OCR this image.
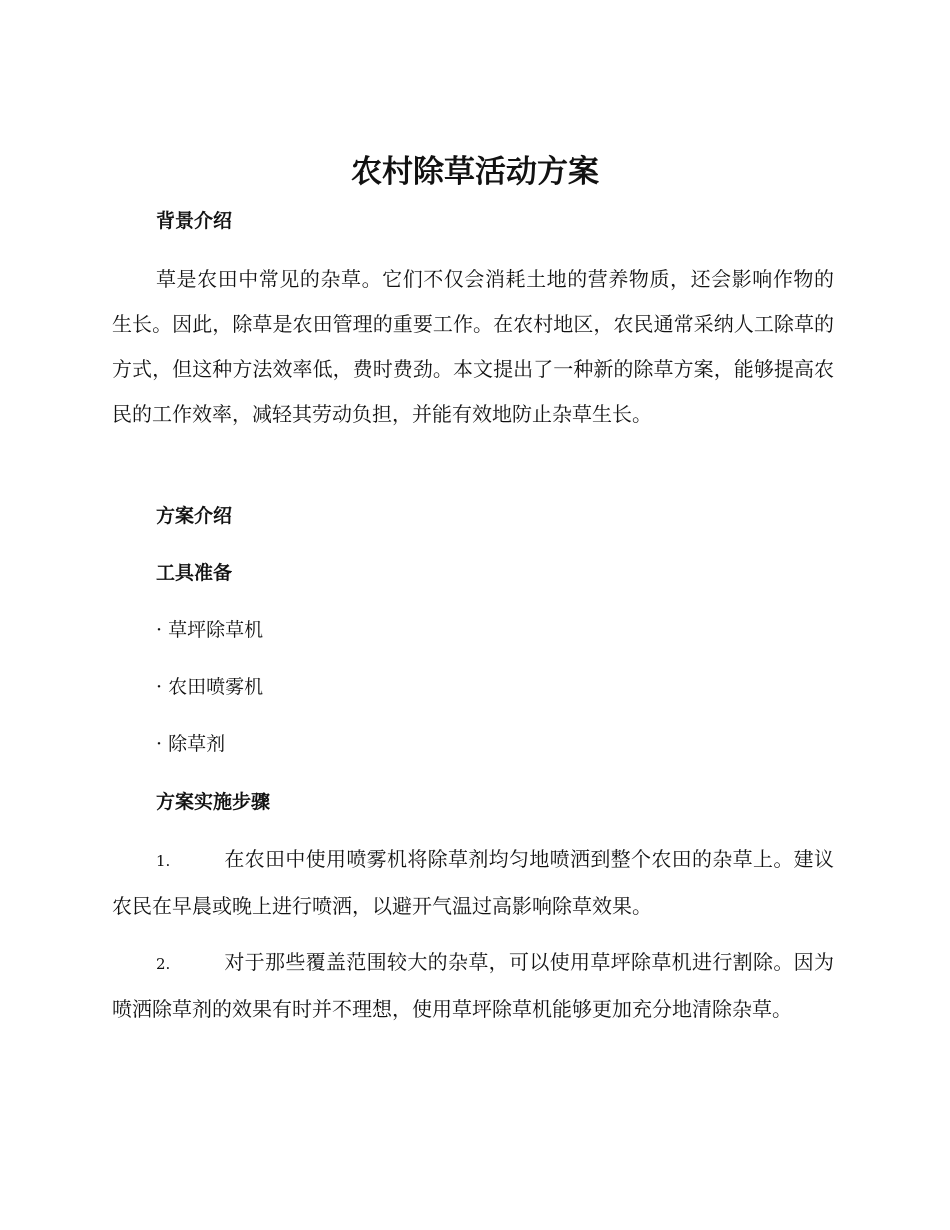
农村除草活动方案
背景介绍

草是农田中常见的杂草。它们不仅会消耗土地的营养物质，还会影响作物的生长。因此，除草是农田管理的重要工作。在农村地区，农民通常采纳人工除草的方式，但这种方法效率低，费时费劲。本文提出了一种新的除草方案，能够提高农民的工作效率，减轻其劳动负担，并能有效地防止杂草生长。

方案介绍
工具准备

· 草坪除草机

· 农田喷雾机

· 除草剂

方案实施步骤

1.	在农田中使用喷雾机将除草剂均匀地喷洒到整个农田的杂草上。建议农民在早晨或晚上进行喷洒，以避开气温过高影响除草效果。

2.	对于那些覆盖范围较大的杂草，可以使用草坪除草机进行割除。因为喷洒除草剂的效果有时并不理想，使用草坪除草机能够更加充分地清除杂草。
